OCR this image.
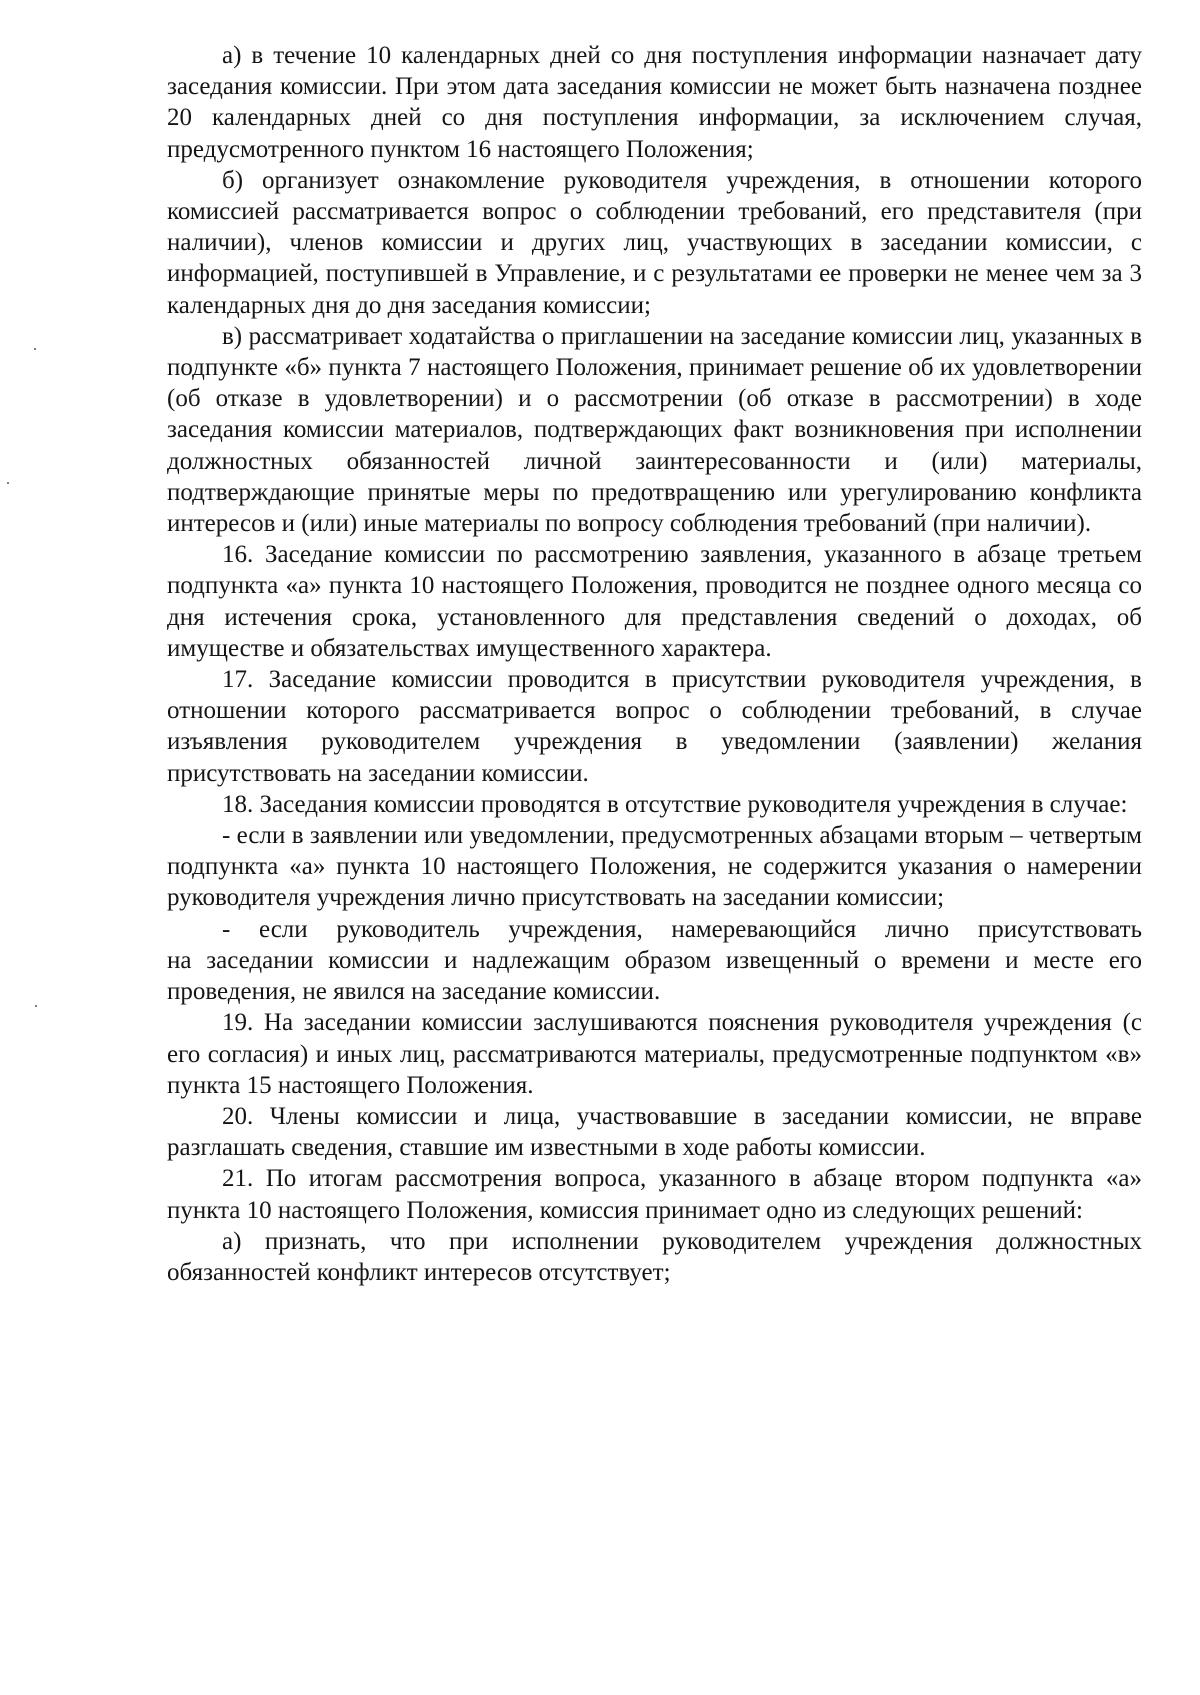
а) в течение 10 календарных дней со дня поступления информации назначает дату заседания комиссии. При этом дата заседания комиссии не может быть назначена позднее 20 календарных дней со дня поступления информации, за исключением случая, предусмотренного пунктом 16 настоящего Положения;

б) организует ознакомление руководителя учреждения, в отношении которого комиссией рассматривается вопрос о соблюдении требований, его представителя (при наличии), членов комиссии и других лиц, участвующих в заседании комиссии, с информацией, поступившей в Управление, и с результатами ее проверки не менее чем за 3 календарных дня до дня заседания комиссии;

в) рассматривает ходатайства о приглашении на заседание комиссии лиц, указанных в подпункте «б» пункта 7 настоящего Положения, принимает решение об их удовлетворении (об отказе в удовлетворении) и о рассмотрении (об отказе в рассмотрении) в ходе заседания комиссии материалов, подтверждающих факт возникновения при исполнении должностных обязанностей личной заинтересованности и (или) материалы, подтверждающие принятые меры по предотвращению или урегулированию конфликта интересов и (или) иные материалы по вопросу соблюдения требований (при наличии).

16. Заседание комиссии по рассмотрению заявления, указанного в абзаце третьем подпункта «а» пункта 10 настоящего Положения, проводится не позднее одного месяца со дня истечения срока, установленного для представления сведений о доходах, об имуществе и обязательствах имущественного характера.

17. Заседание комиссии проводится в присутствии руководителя учреждения, в отношении которого рассматривается вопрос о соблюдении требований, в случае изъявления руководителем учреждения в уведомлении (заявлении) желания присутствовать на заседании комиссии.

18. Заседания комиссии проводятся в отсутствие руководителя учреждения в случае:

- если в заявлении или уведомлении, предусмотренных абзацами вторым – четвертым подпункта «а» пункта 10 настоящего Положения, не содержится указания о намерении руководителя учреждения лично присутствовать на заседании комиссии;

- если руководитель учреждения, намеревающийся лично присутствовать на заседании комиссии и надлежащим образом извещенный о времени и месте его проведения, не явился на заседание комиссии.

19. На заседании комиссии заслушиваются пояснения руководителя учреждения (с его согласия) и иных лиц, рассматриваются материалы, предусмотренные подпунктом «в» пункта 15 настоящего Положения.

20. Члены комиссии и лица, участвовавшие в заседании комиссии, не вправе разглашать сведения, ставшие им известными в ходе работы комиссии.

21. По итогам рассмотрения вопроса, указанного в абзаце втором подпункта «а» пункта 10 настоящего Положения, комиссия принимает одно из следующих решений:

а) признать, что при исполнении руководителем учреждения должностных обязанностей конфликт интересов отсутствует;
